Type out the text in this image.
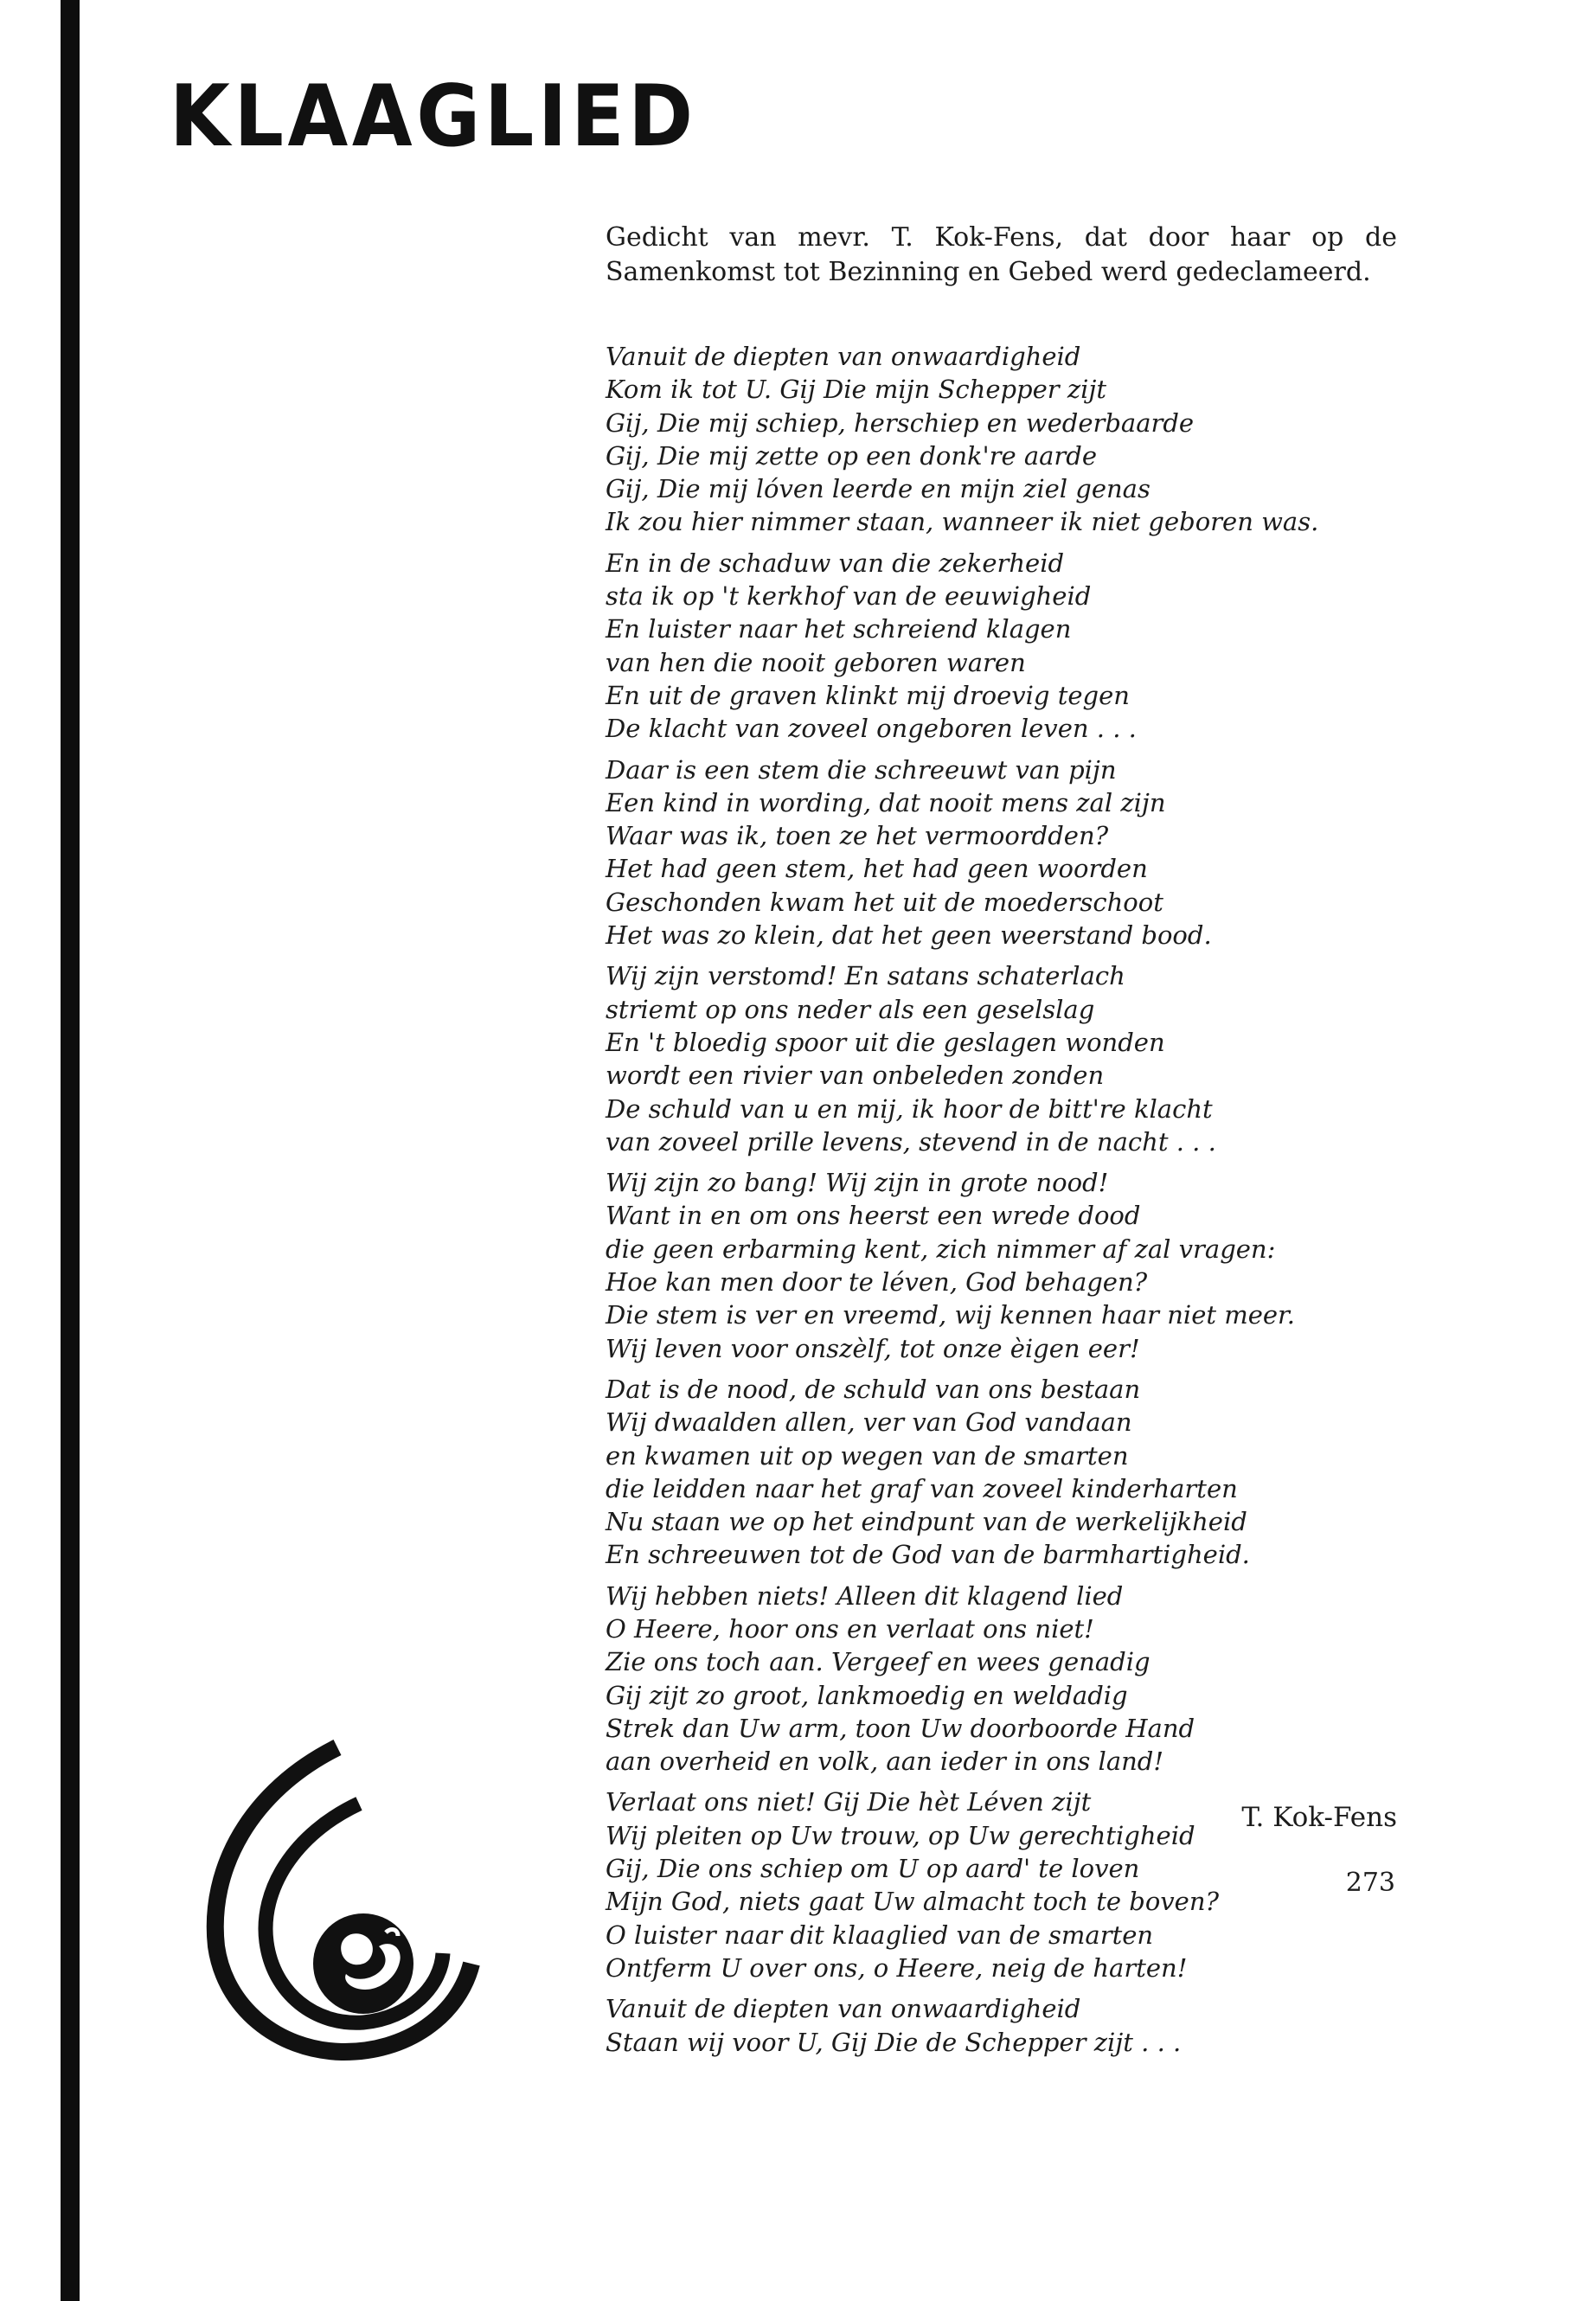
KLAAGLIED

Gedicht van mevr. T. Kok-Fens, dat door haar op de Samenkomst tot Bezinning en Gebed werd gedeclameerd.

Vanuit de diepten van onwaardigheid
Kom ik tot U. Gij Die mijn Schepper zijt
Gij, Die mij schiep, herschiep en wederbaarde
Gij, Die mij zette op een donk're aarde
Gij, Die mij lóven leerde en mijn ziel genas
Ik zou hier nimmer staan, wanneer ik niet geboren was.
En in de schaduw van die zekerheid
sta ik op 't kerkhof van de eeuwigheid
En luister naar het schreiend klagen
van hen die nooit geboren waren
En uit de graven klinkt mij droevig tegen
De klacht van zoveel ongeboren leven . . .
Daar is een stem die schreeuwt van pijn
Een kind in wording, dat nooit mens zal zijn
Waar was ik, toen ze het vermoordden?
Het had geen stem, het had geen woorden
Geschonden kwam het uit de moederschoot
Het was zo klein, dat het geen weerstand bood.
Wij zijn verstomd! En satans schaterlach
striemt op ons neder als een geselslag
En 't bloedig spoor uit die geslagen wonden
wordt een rivier van onbeleden zonden
De schuld van u en mij, ik hoor de bitt're klacht
van zoveel prille levens, stevend in de nacht . . .
Wij zijn zo bang! Wij zijn in grote nood!
Want in en om ons heerst een wrede dood
die geen erbarming kent, zich nimmer af zal vragen:
Hoe kan men door te léven, God behagen?
Die stem is ver en vreemd, wij kennen haar niet meer.
Wij leven voor onszèlf, tot onze èigen eer!
Dat is de nood, de schuld van ons bestaan
Wij dwaalden allen, ver van God vandaan
en kwamen uit op wegen van de smarten
die leidden naar het graf van zoveel kinderharten
Nu staan we op het eindpunt van de werkelijkheid
En schreeuwen tot de God van de barmhartigheid.
Wij hebben niets! Alleen dit klagend lied
O Heere, hoor ons en verlaat ons niet!
Zie ons toch aan. Vergeef en wees genadig
Gij zijt zo groot, lankmoedig en weldadig
Strek dan Uw arm, toon Uw doorboorde Hand
aan overheid en volk, aan ieder in ons land!
Verlaat ons niet! Gij Die hèt Léven zijt
Wij pleiten op Uw trouw, op Uw gerechtigheid
Gij, Die ons schiep om U op aard' te loven
Mijn God, niets gaat Uw almacht toch te boven?
O luister naar dit klaaglied van de smarten
Ontferm U over ons, o Heere, neig de harten!
Vanuit de diepten van onwaardigheid
Staan wij voor U, Gij Die de Schepper zijt . . .

T. Kok-Fens

273
